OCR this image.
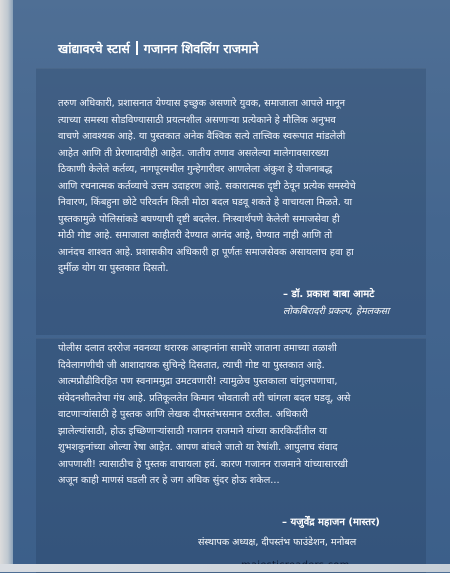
खांद्यावरचे स्टार्स गजानन शिवलिंग राजमाने
तरुण अधिकारी, प्रशासनात येण्यास इच्छुक असणारे युवक, समाजाला आपले मानून
त्याच्या समस्या सोडविण्यासाठी प्रयत्नशील असणाऱ्या प्रत्येकाने हे मौलिक अनुभव
वाचणे आवश्यक आहे. या पुस्तकात अनेक वैश्विक सत्ये तात्त्विक स्वरूपात मांडलेली
आहेत आणि ती प्रेरणादायीही आहेत. जातीय तणाव असलेल्या मालेगावसारख्या
ठिकाणी केलेले कर्तव्य, नागपूरमधील गुन्हेगारीवर आणलेला अंकुश हे योजनाबद्ध
आणि रचनात्मक कर्तव्याचे उत्तम उदाहरण आहे. सकारात्मक दृष्टी ठेवून प्रत्येक समस्येचे
निवारण, किंबहुना छोटे परिवर्तन किती मोठा बदल घडवू शकते हे वाचायला मिळते. या
पुस्तकामुळे पोलिसांकडे बघण्याची दृष्टी बदलेल. निःस्वार्थपणे केलेली समाजसेवा ही
मोठी गोष्ट आहे. समाजाला काहीतरी देण्यात आनंद आहे, घेण्यात नाही आणि तो
आनंदच शाश्वत आहे. प्रशासकीय अधिकारी हा पूर्णतः समाजसेवक असायलाच हवा हा
दुर्मीळ योग या पुस्तकात दिसतो.
– डॉ. प्रकाश बाबा आमटे
लोकबिरादरी प्रकल्प, हेमलकसा
पोलीस दलात दररोज नवनव्या थरारक आव्हानांना सामोरे जाताना तमाच्या तळाशी
दिवेलागणीची जी आशादायक सुचिन्हे दिसतात, त्याची गोष्ट या पुस्तकात आहे.
आत्मप्रौढीविरहित पण स्वनाममुद्रा उमटवणारी! त्यामुळेच पुस्तकाला चांगुलपणाचा,
संवेदनशीलतेचा गंध आहे. प्रतिकूलतेत किमान भोवताली तरी चांगला बदल घडवू, असे
वाटणाऱ्यांसाठी हे पुस्तक आणि लेखक दीपस्तंभसमान ठरतील. अधिकारी
झालेल्यांसाठी, होऊ इच्छिणाऱ्यांसाठी गजानन राजमाने यांच्या कारकिर्दीतील या
शुभशकुनांच्या ओल्या रेषा आहेत. आपण बांधले जातो या रेषांशी. आपुलाच संवाद
आपणाशी! त्यासाठीच हे पुस्तक वाचायला हवं. कारण गजानन राजमाने यांच्यासारखी
अजून काही माणसं घडली तर हे जग अधिक सुंदर होऊ शकेल...
– यजुर्वेंद्र महाजन (मास्तर)
संस्थापक अध्यक्ष, दीपस्तंभ फाउंडेशन, मनोबल
